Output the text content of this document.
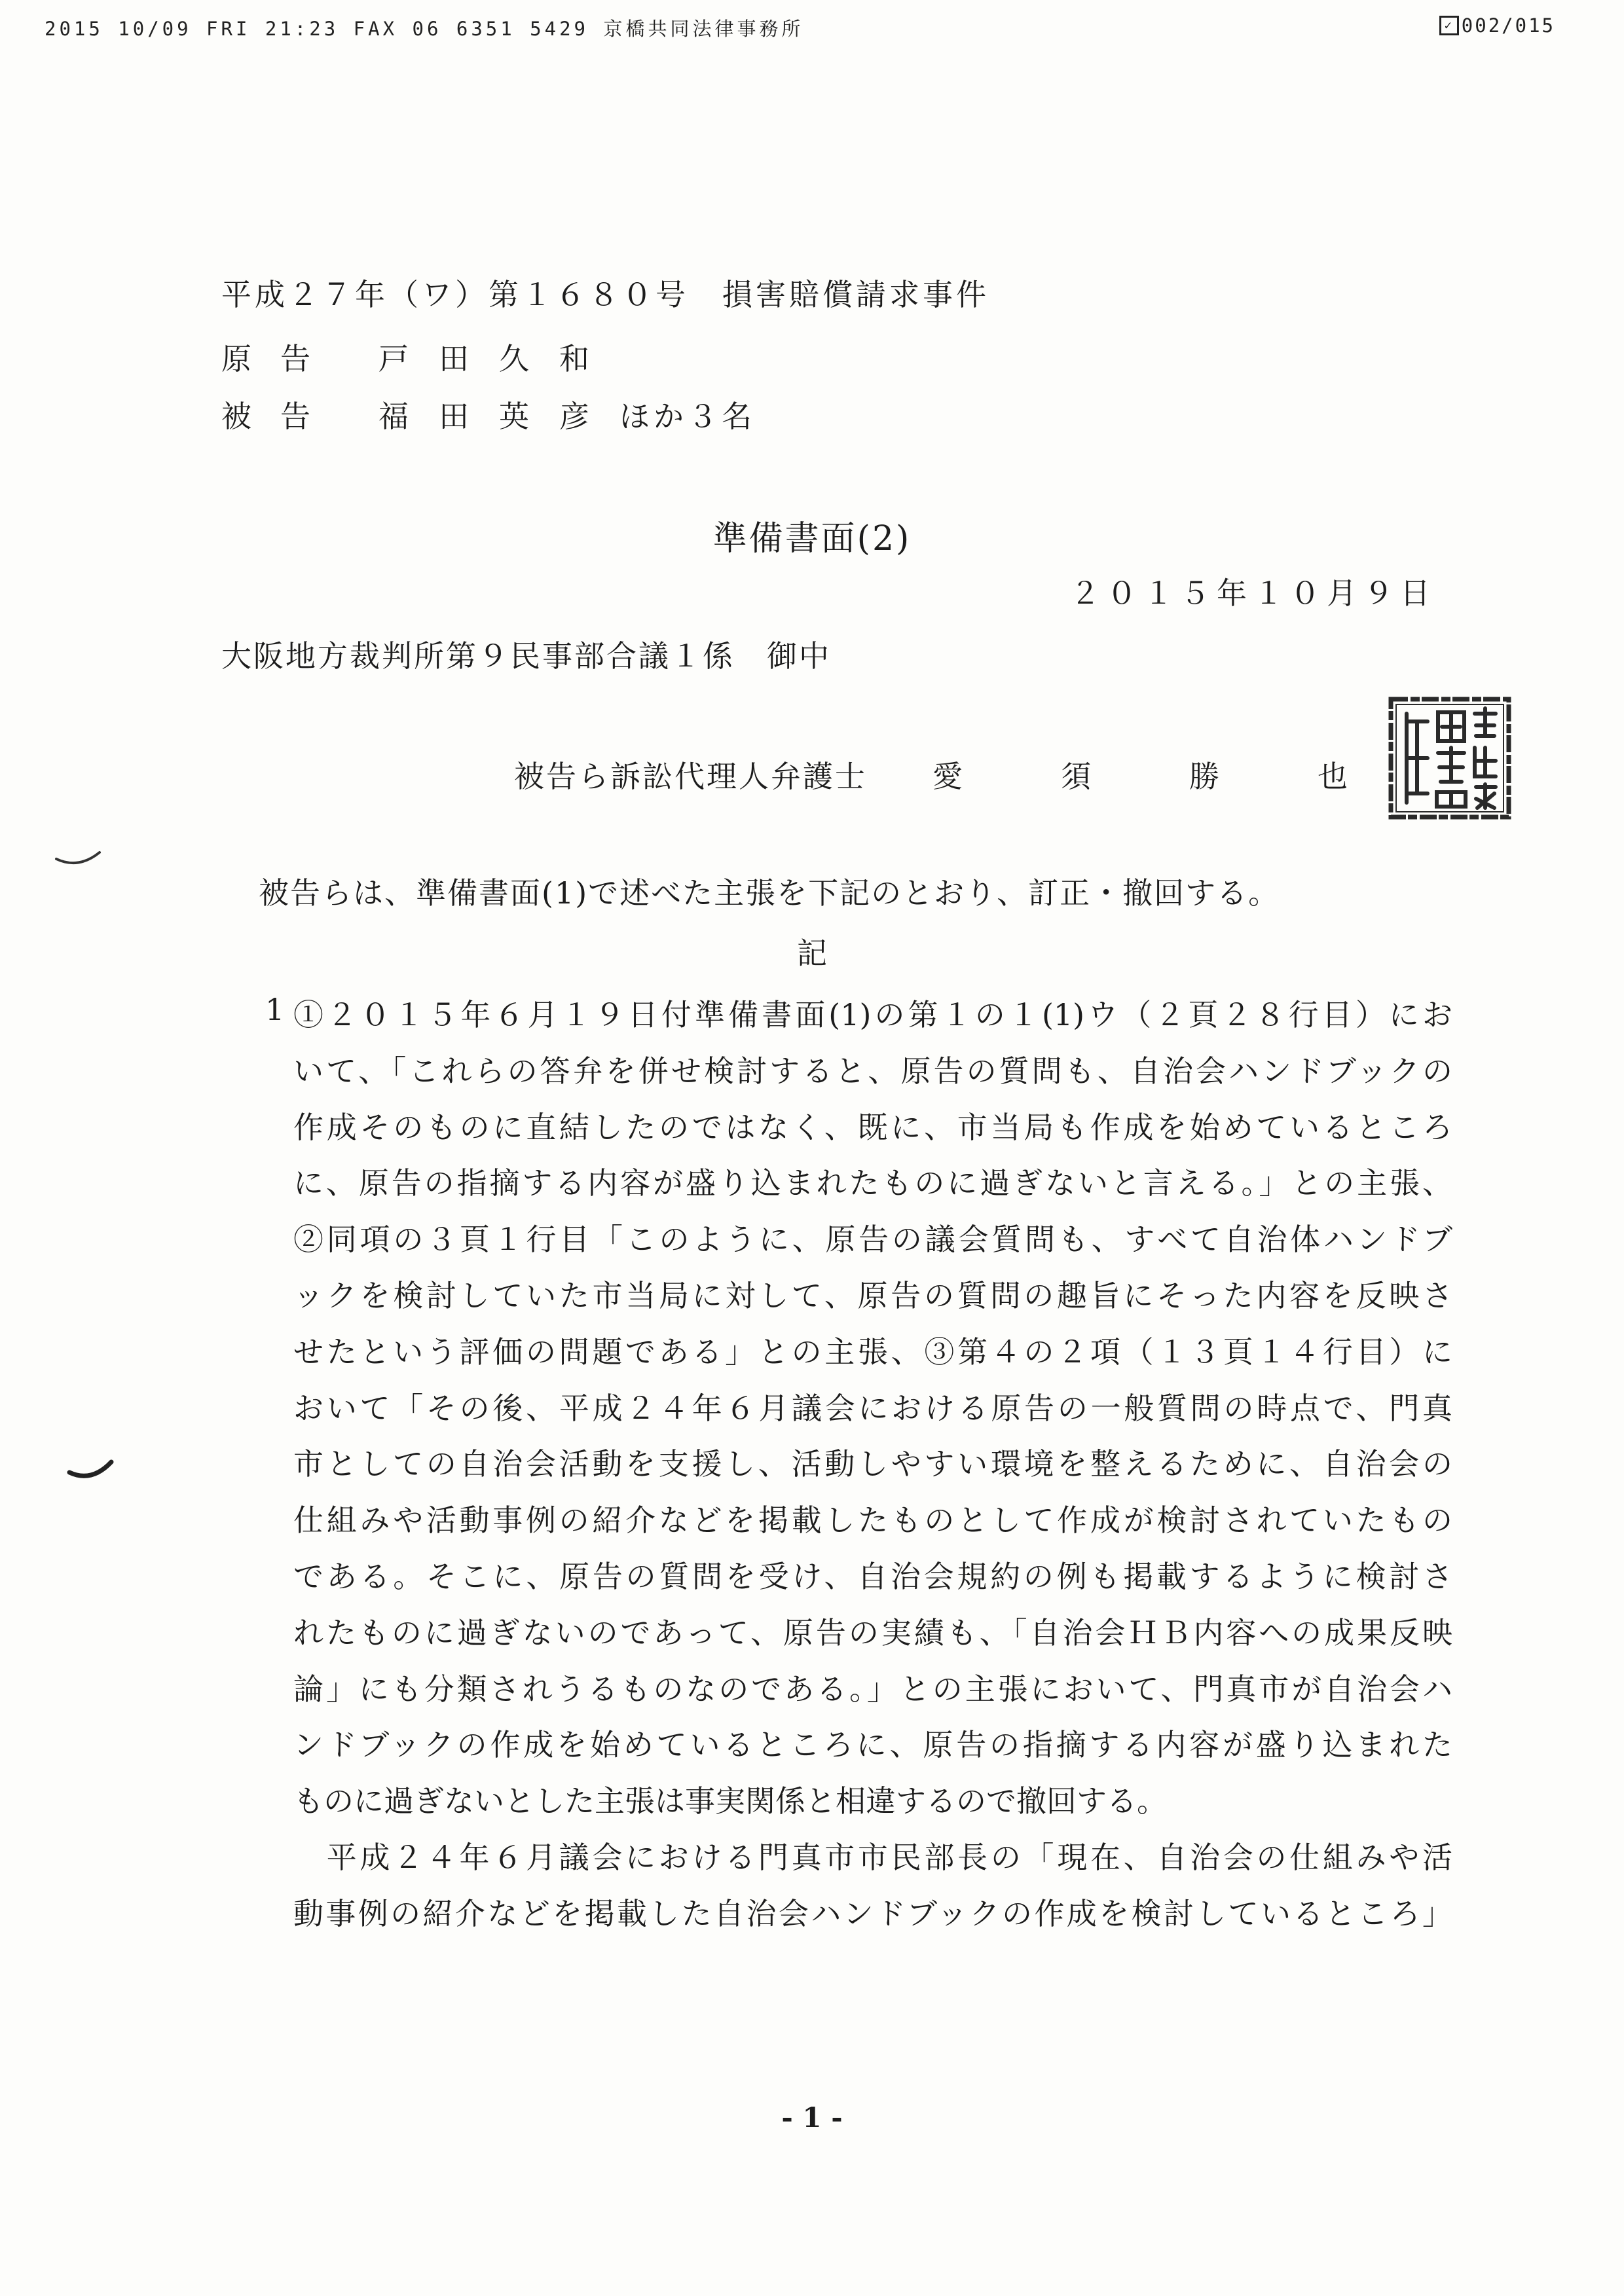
2015 10/09 FRI 21:23 FAX 06 6351 5429 京橋共同法律事務所	✓ 002/015
平成２７年（ワ）第１６８０号　損害賠償請求事件
原告 戸田久和
被告 福田英彦ほか３名
準備書面(2)
２０１５年１０月９日
大阪地方裁判所第９民事部合議１係　御中
被告ら訴訟代理人弁護士 愛須勝也
被告らは、準備書面(1)で述べた主張を下記のとおり、訂正・撤回する。
記
1 ①２０１５年６月１９日付準備書面(1)の第１の１(1)ウ（２頁２８行目）にお
いて、「これらの答弁を併せ検討すると、原告の質問も、自治会ハンドブックの
作成そのものに直結したのではなく、既に、市当局も作成を始めているところ
に、原告の指摘する内容が盛り込まれたものに過ぎないと言える。」との主張、
②同項の３頁１行目「このように、原告の議会質問も、すべて自治体ハンドブ
ックを検討していた市当局に対して、原告の質問の趣旨にそった内容を反映さ
せたという評価の問題である」との主張、③第４の２項（１３頁１４行目）に
おいて「その後、平成２４年６月議会における原告の一般質問の時点で、門真
市としての自治会活動を支援し、活動しやすい環境を整えるために、自治会の
仕組みや活動事例の紹介などを掲載したものとして作成が検討されていたもの
である。そこに、原告の質問を受け、自治会規約の例も掲載するように検討さ
れたものに過ぎないのであって、原告の実績も、「自治会ＨＢ内容への成果反映
論」にも分類されうるものなのである。」との主張において、門真市が自治会ハ
ンドブックの作成を始めているところに、原告の指摘する内容が盛り込まれた
ものに過ぎないとした主張は事実関係と相違するので撤回する。
　平成２４年６月議会における門真市市民部長の「現在、自治会の仕組みや活
動事例の紹介などを掲載した自治会ハンドブックの作成を検討しているところ」
- 1 -
